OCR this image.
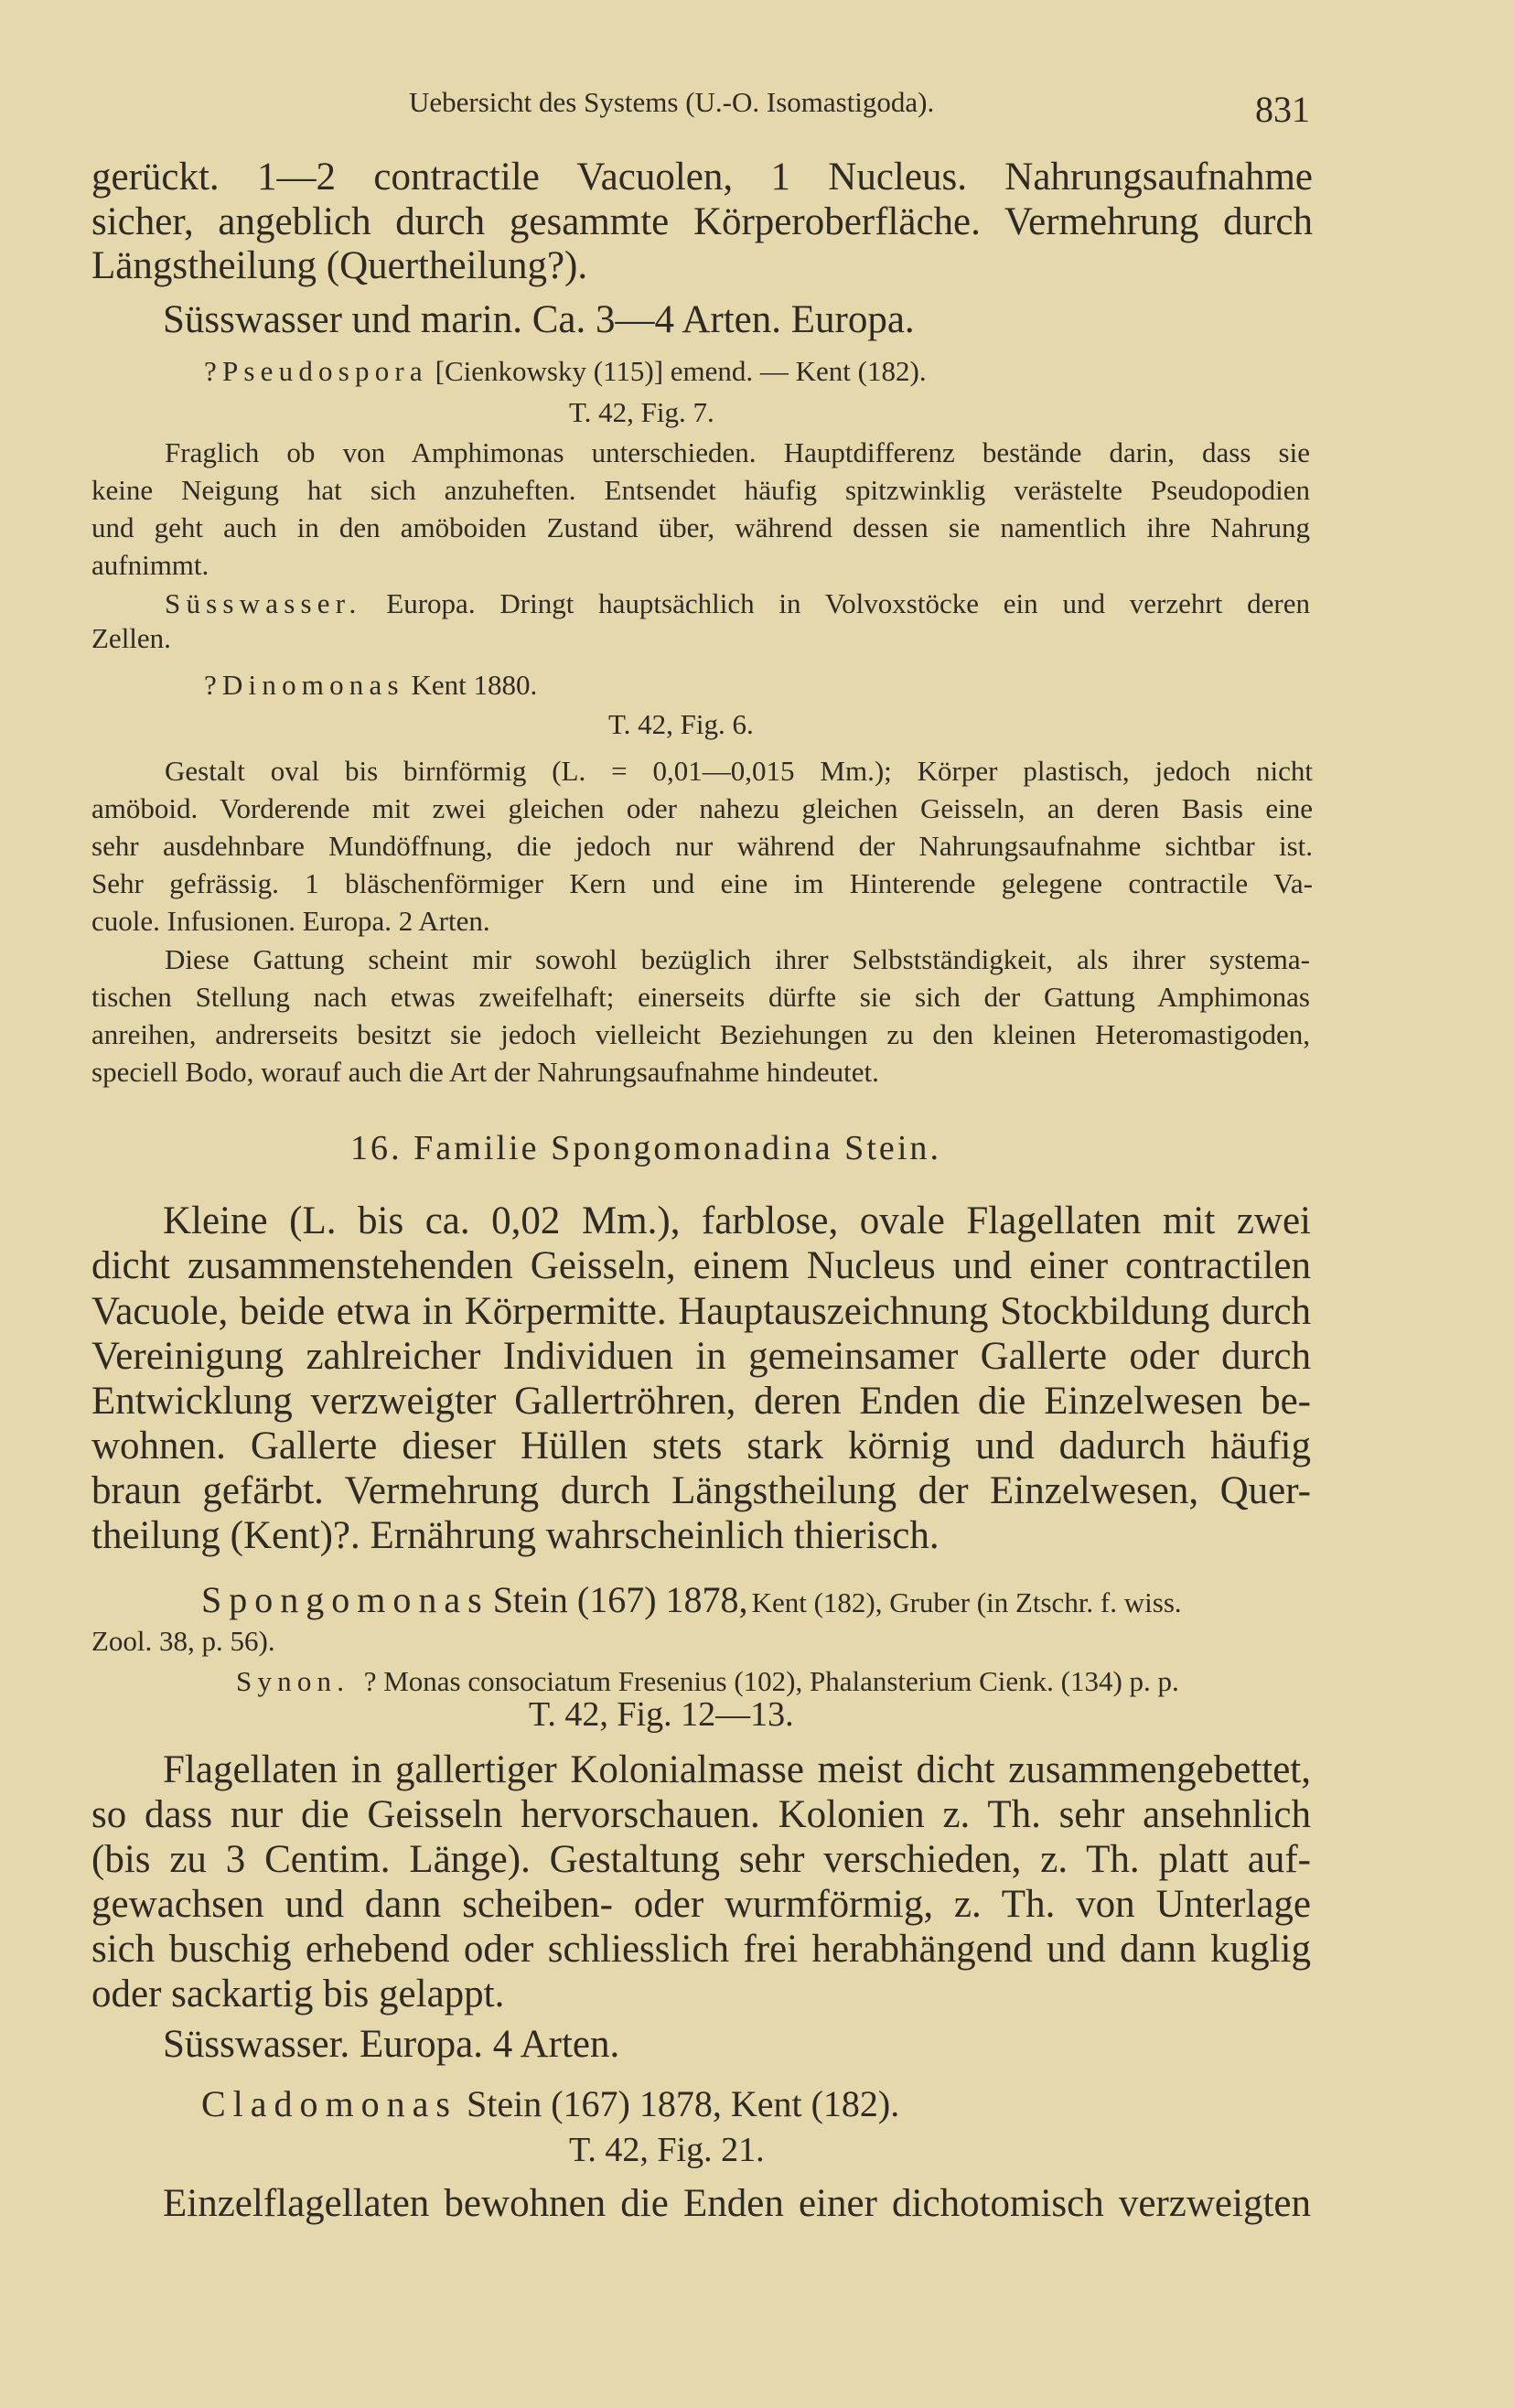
Uebersicht des Systems (U.-O. Isomastigoda).	831
gerückt. 1—2 contractile Vacuolen, 1 Nucleus. Nahrungsaufnahme
sicher, angeblich durch gesammte Körperoberfläche. Vermehrung durch
Längstheilung (Quertheilung?).
Süsswasser und marin. Ca. 3—4 Arten. Europa.
? Pseudospora [Cienkowsky (115)] emend. — Kent (182).
T. 42, Fig. 7.
Fraglich ob von Amphimonas unterschieden. Hauptdifferenz bestände darin, dass sie
keine Neigung hat sich anzuheften. Entsendet häufig spitzwinklig verästelte Pseudopodien
und geht auch in den amöboiden Zustand über, während dessen sie namentlich ihre Nahrung
aufnimmt.
Süsswasser. Europa. Dringt hauptsächlich in Volvoxstöcke ein und verzehrt deren
Zellen.
? Dinomonas Kent 1880.
T. 42, Fig. 6.
Gestalt oval bis birnförmig (L. = 0,01—0,015 Mm.); Körper plastisch, jedoch nicht
amöboid. Vorderende mit zwei gleichen oder nahezu gleichen Geisseln, an deren Basis eine
sehr ausdehnbare Mundöffnung, die jedoch nur während der Nahrungsaufnahme sichtbar ist.
Sehr gefrässig. 1 bläschenförmiger Kern und eine im Hinterende gelegene contractile Va-
cuole. Infusionen. Europa. 2 Arten.
Diese Gattung scheint mir sowohl bezüglich ihrer Selbstständigkeit, als ihrer systema-
tischen Stellung nach etwas zweifelhaft; einerseits dürfte sie sich der Gattung Amphimonas
anreihen, andrerseits besitzt sie jedoch vielleicht Beziehungen zu den kleinen Heteromastigoden,
speciell Bodo, worauf auch die Art der Nahrungsaufnahme hindeutet.
16. Familie Spongomonadina Stein.
Kleine (L. bis ca. 0,02 Mm.), farblose, ovale Flagellaten mit zwei
dicht zusammenstehenden Geisseln, einem Nucleus und einer contractilen
Vacuole, beide etwa in Körpermitte. Hauptauszeichnung Stockbildung durch
Vereinigung zahlreicher Individuen in gemeinsamer Gallerte oder durch
Entwicklung verzweigter Gallertröhren, deren Enden die Einzelwesen be-
wohnen. Gallerte dieser Hüllen stets stark körnig und dadurch häufig
braun gefärbt. Vermehrung durch Längstheilung der Einzelwesen, Quer-
theilung (Kent)?. Ernährung wahrscheinlich thierisch.
Spongomonas Stein (167) 1878, Kent (182), Gruber (in Ztschr. f. wiss.
Zool. 38, p. 56).
Synon. ? Monas consociatum Fresenius (102), Phalansterium Cienk. (134) p. p.
T. 42, Fig. 12—13.
Flagellaten in gallertiger Kolonialmasse meist dicht zusammengebettet,
so dass nur die Geisseln hervorschauen. Kolonien z. Th. sehr ansehnlich
(bis zu 3 Centim. Länge). Gestaltung sehr verschieden, z. Th. platt auf-
gewachsen und dann scheiben- oder wurmförmig, z. Th. von Unterlage
sich buschig erhebend oder schliesslich frei herabhängend und dann kuglig
oder sackartig bis gelappt.
Süsswasser. Europa. 4 Arten.
Cladomonas Stein (167) 1878, Kent (182).
T. 42, Fig. 21.
Einzelflagellaten bewohnen die Enden einer dichotomisch verzweigten
